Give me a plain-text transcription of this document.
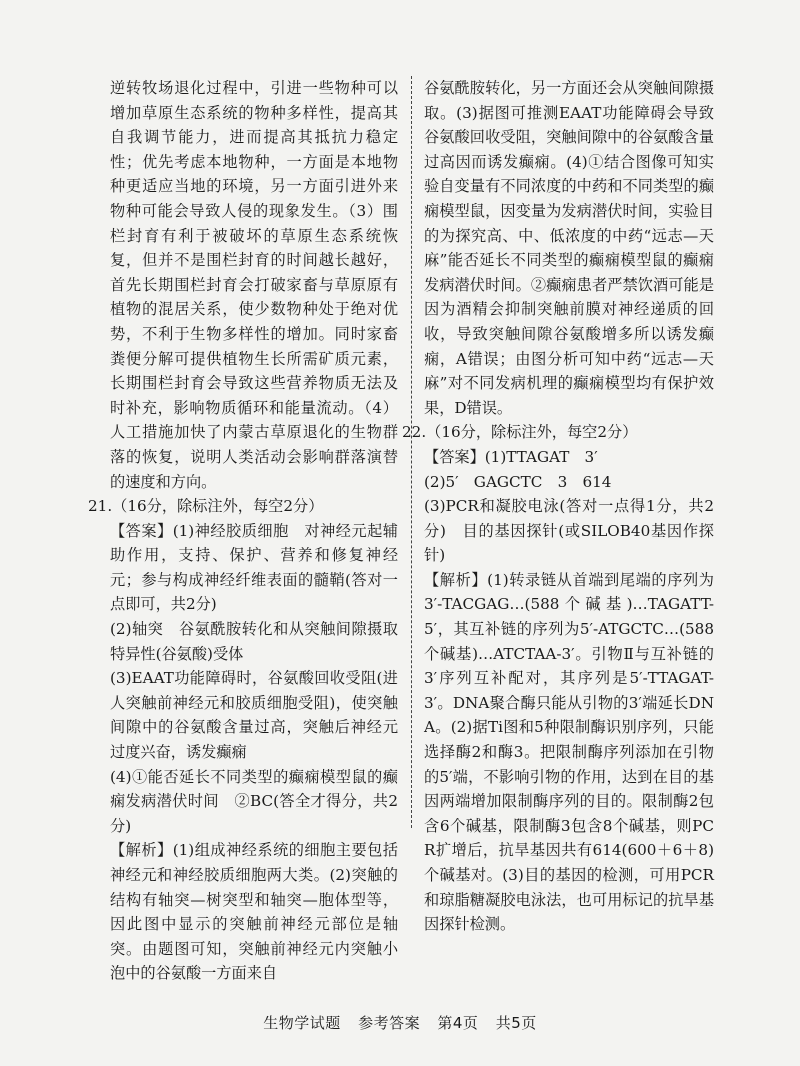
逆转牧场退化过程中，引进一些物种可以增加草原生态系统的物种多样性，提高其自我调节能力，进而提高其抵抗力稳定性；优先考虑本地物种，一方面是本地物种更适应当地的环境，另一方面引进外来物种可能会导致人侵的现象发生。（3）围栏封育有利于被破坏的草原生态系统恢复，但并不是围栏封育的时间越长越好，首先长期围栏封育会打破家畜与草原原有植物的混居关系，使少数物种处于绝对优势，不利于生物多样性的增加。同时家畜粪便分解可提供植物生长所需矿质元素，长期围栏封育会导致这些营养物质无法及时补充，影响物质循环和能量流动。（4）人工措施加快了内蒙古草原退化的生物群落的恢复，说明人类活动会影响群落演替的速度和方向。

21.（16分，除标注外，每空2分）

【答案】(1)神经胶质细胞　对神经元起辅助作用，支持、保护、营养和修复神经元；参与构成神经纤维表面的髓鞘(答对一点即可，共2分)

(2)轴突　谷氨酰胺转化和从突触间隙摄取　特异性(谷氨酸)受体

(3)EAAT功能障碍时，谷氨酸回收受阻(进人突触前神经元和胶质细胞受阻)，使突触间隙中的谷氨酸含量过高，突触后神经元过度兴奋，诱发癫痫

(4)①能否延长不同类型的癫痫模型鼠的癫痫发病潜伏时间　②BC(答全才得分，共2分)

【解析】(1)组成神经系统的细胞主要包括神经元和神经胶质细胞两大类。(2)突触的结构有轴突—树突型和轴突—胞体型等，因此图中显示的突触前神经元部位是轴突。由题图可知，突触前神经元内突触小泡中的谷氨酸一方面来自

谷氨酰胺转化，另一方面还会从突触间隙摄取。(3)据图可推测EAAT功能障碍会导致谷氨酸回收受阻，突触间隙中的谷氨酸含量过高因而诱发癫痫。(4)①结合图像可知实验自变量有不同浓度的中药和不同类型的癫痫模型鼠，因变量为发病潜伏时间，实验目的为探究高、中、低浓度的中药“远志—天麻”能否延长不同类型的癫痫模型鼠的癫痫发病潜伏时间。②癫痫患者严禁饮酒可能是因为酒精会抑制突触前膜对神经递质的回收，导致突触间隙谷氨酸增多所以诱发癫痫，A错误；由图分析可知中药“远志—天麻”对不同发病机理的癫痫模型均有保护效果，D错误。

22.（16分，除标注外，每空2分）

【答案】(1)TTAGAT　3′

(2)5′　GAGCTC　3　614

(3)PCR和凝胶电泳(答对一点得1分，共2分)　目的基因探针(或SILOB40基因作探针)

【解析】(1)转录链从首端到尾端的序列为3′-TACGAG…(588个碱基)…TAGATT-5′，其互补链的序列为5′-ATGCTC…(588个碱基)…ATCTAA-3′。引物Ⅱ与互补链的3′序列互补配对，其序列是5′-TTAGAT-3′。DNA聚合酶只能从引物的3′端延长DNA。(2)据Ti图和5种限制酶识别序列，只能选择酶2和酶3。把限制酶序列添加在引物的5′端，不影响引物的作用，达到在目的基因两端增加限制酶序列的目的。限制酶2包含6个碱基，限制酶3包含8个碱基，则PCR扩增后，抗旱基因共有614(600＋6＋8)个碱基对。(3)目的基因的检测，可用PCR和琼脂糖凝胶电泳法，也可用标记的抗旱基因探针检测。

生物学试题 参考答案 第4页 共5页
